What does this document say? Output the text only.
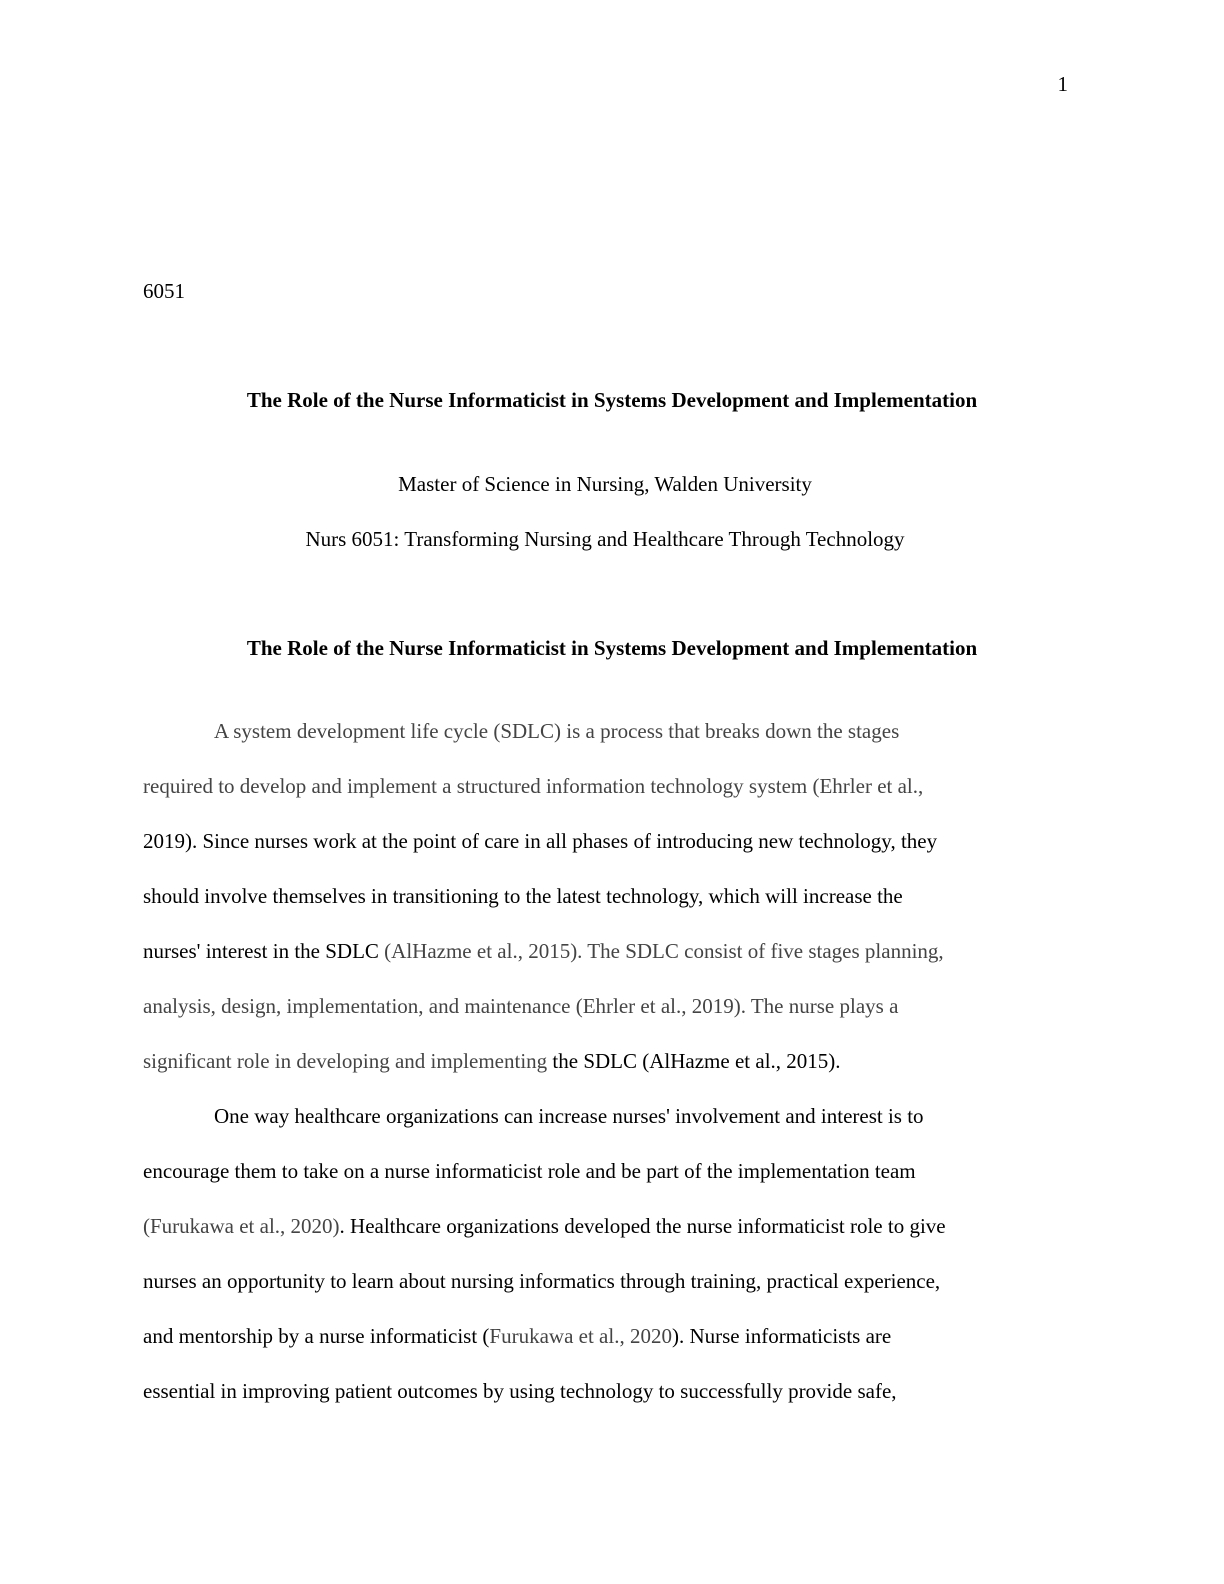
1
6051
The Role of the Nurse Informaticist in Systems Development and Implementation
Master of Science in Nursing, Walden University
Nurs 6051: Transforming Nursing and Healthcare Through Technology
The Role of the Nurse Informaticist in Systems Development and Implementation
A system development life cycle (SDLC) is a process that breaks down the stages
required to develop and implement a structured information technology system (Ehrler et al.,
2019). Since nurses work at the point of care in all phases of introducing new technology, they
should involve themselves in transitioning to the latest technology, which will increase the
nurses' interest in the SDLC (AlHazme et al., 2015). The SDLC consist of five stages planning,
analysis, design, implementation, and maintenance (Ehrler et al., 2019). The nurse plays a
significant role in developing and implementing the SDLC (AlHazme et al., 2015).
One way healthcare organizations can increase nurses' involvement and interest is to
encourage them to take on a nurse informaticist role and be part of the implementation team
(Furukawa et al., 2020). Healthcare organizations developed the nurse informaticist role to give
nurses an opportunity to learn about nursing informatics through training, practical experience,
and mentorship by a nurse informaticist (Furukawa et al., 2020). Nurse informaticists are
essential in improving patient outcomes by using technology to successfully provide safe,
